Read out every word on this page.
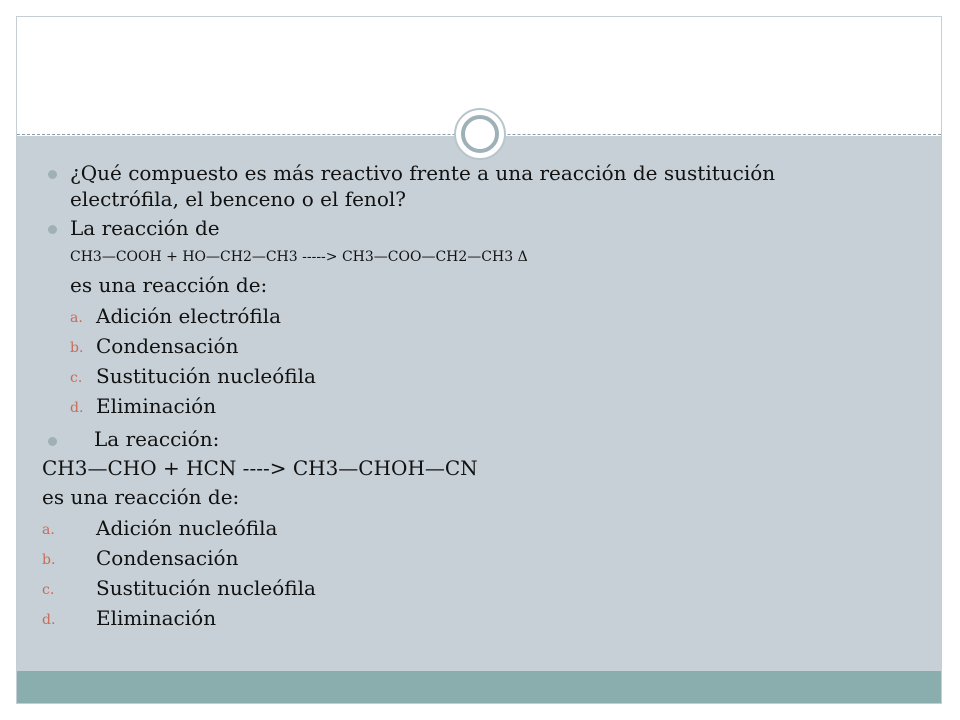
¿Qué compuesto es más reactivo frente a una reacción de sustitución
electrófila, el benceno o el fenol?
La reacción de
CH3—COOH + HO—CH2—CH3 -----> CH3—COO—CH2—CH3 Δ
es una reacción de:
a. Adición electrófila
b. Condensación
c. Sustitución nucleófila
d. Eliminación
La reacción:
CH3—CHO + HCN ----> CH3—CHOH—CN
es una reacción de:
a. Adición nucleófila
b. Condensación
c. Sustitución nucleófila
d. Eliminación
